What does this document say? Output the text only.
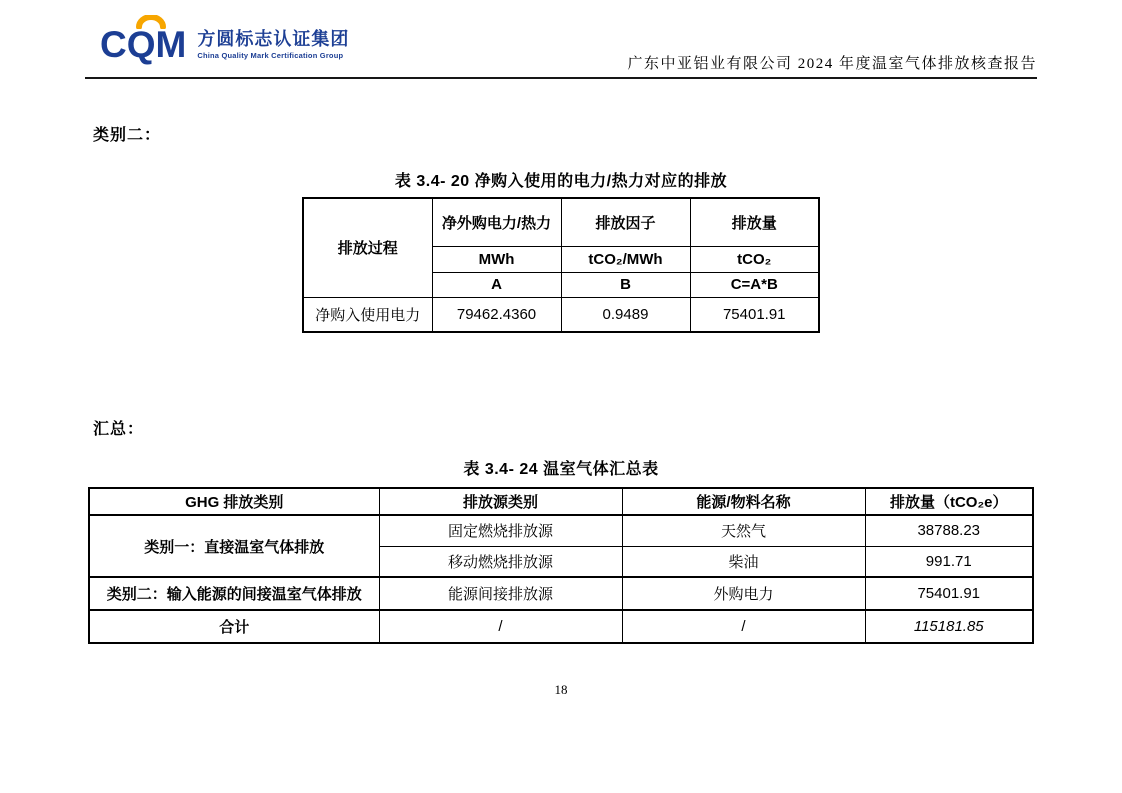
CQM 方圆标志认证集团
China Quality Mark Certification Group
广东中亚铝业有限公司 2024 年度温室气体排放核查报告
类别二：
表 3.4- 20 净购入使用的电力/热力对应的排放
排放过程	净外购电力/热力	排放因子	排放量
	MWh	tCO₂/MWh	tCO₂
	A	B	C=A*B
净购入使用电力	79462.4360	0.9489	75401.91
汇总：
表 3.4- 24 温室气体汇总表
GHG 排放类别	排放源类别	能源/物料名称	排放量（tCO₂e）
类别一：直接温室气体排放	固定燃烧排放源	天然气	38788.23
	移动燃烧排放源	柴油	991.71
类别二：输入能源的间接温室气体排放	能源间接排放源	外购电力	75401.91
合计	/	/	115181.85
18
